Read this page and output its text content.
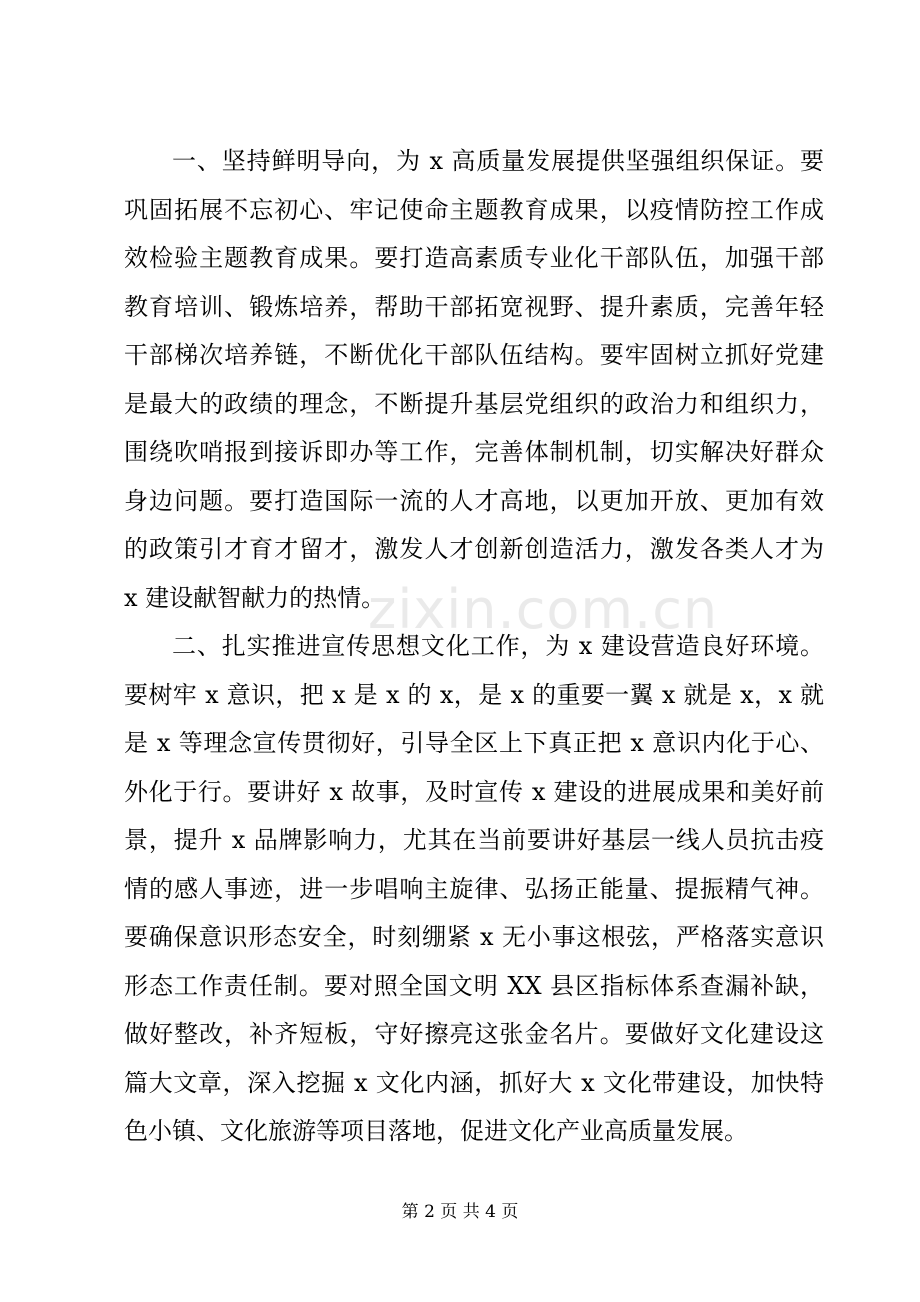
一、坚持鲜明导向，为 x 高质量发展提供坚强组织保证。要
巩固拓展不忘初心、牢记使命主题教育成果，以疫情防控工作成
效检验主题教育成果。要打造高素质专业化干部队伍，加强干部
教育培训、锻炼培养，帮助干部拓宽视野、提升素质，完善年轻
干部梯次培养链，不断优化干部队伍结构。要牢固树立抓好党建
是最大的政绩的理念，不断提升基层党组织的政治力和组织力，
围绕吹哨报到接诉即办等工作，完善体制机制，切实解决好群众
身边问题。要打造国际一流的人才高地，以更加开放、更加有效
的政策引才育才留才，激发人才创新创造活力，激发各类人才为
x 建设献智献力的热情。
二、扎实推进宣传思想文化工作，为 x 建设营造良好环境。
要树牢 x 意识，把 x 是 x 的 x，是 x 的重要一翼 x 就是 x，x 就
是 x 等理念宣传贯彻好，引导全区上下真正把 x 意识内化于心、
外化于行。要讲好 x 故事，及时宣传 x 建设的进展成果和美好前
景，提升 x 品牌影响力，尤其在当前要讲好基层一线人员抗击疫
情的感人事迹，进一步唱响主旋律、弘扬正能量、提振精气神。
要确保意识形态安全，时刻绷紧 x 无小事这根弦，严格落实意识
形态工作责任制。要对照全国文明 XX 县区指标体系查漏补缺，
做好整改，补齐短板，守好擦亮这张金名片。要做好文化建设这
篇大文章，深入挖掘 x 文化内涵，抓好大 x 文化带建设，加快特
色小镇、文化旅游等项目落地，促进文化产业高质量发展。
zixin.com.cn
第 2 页 共 4 页
